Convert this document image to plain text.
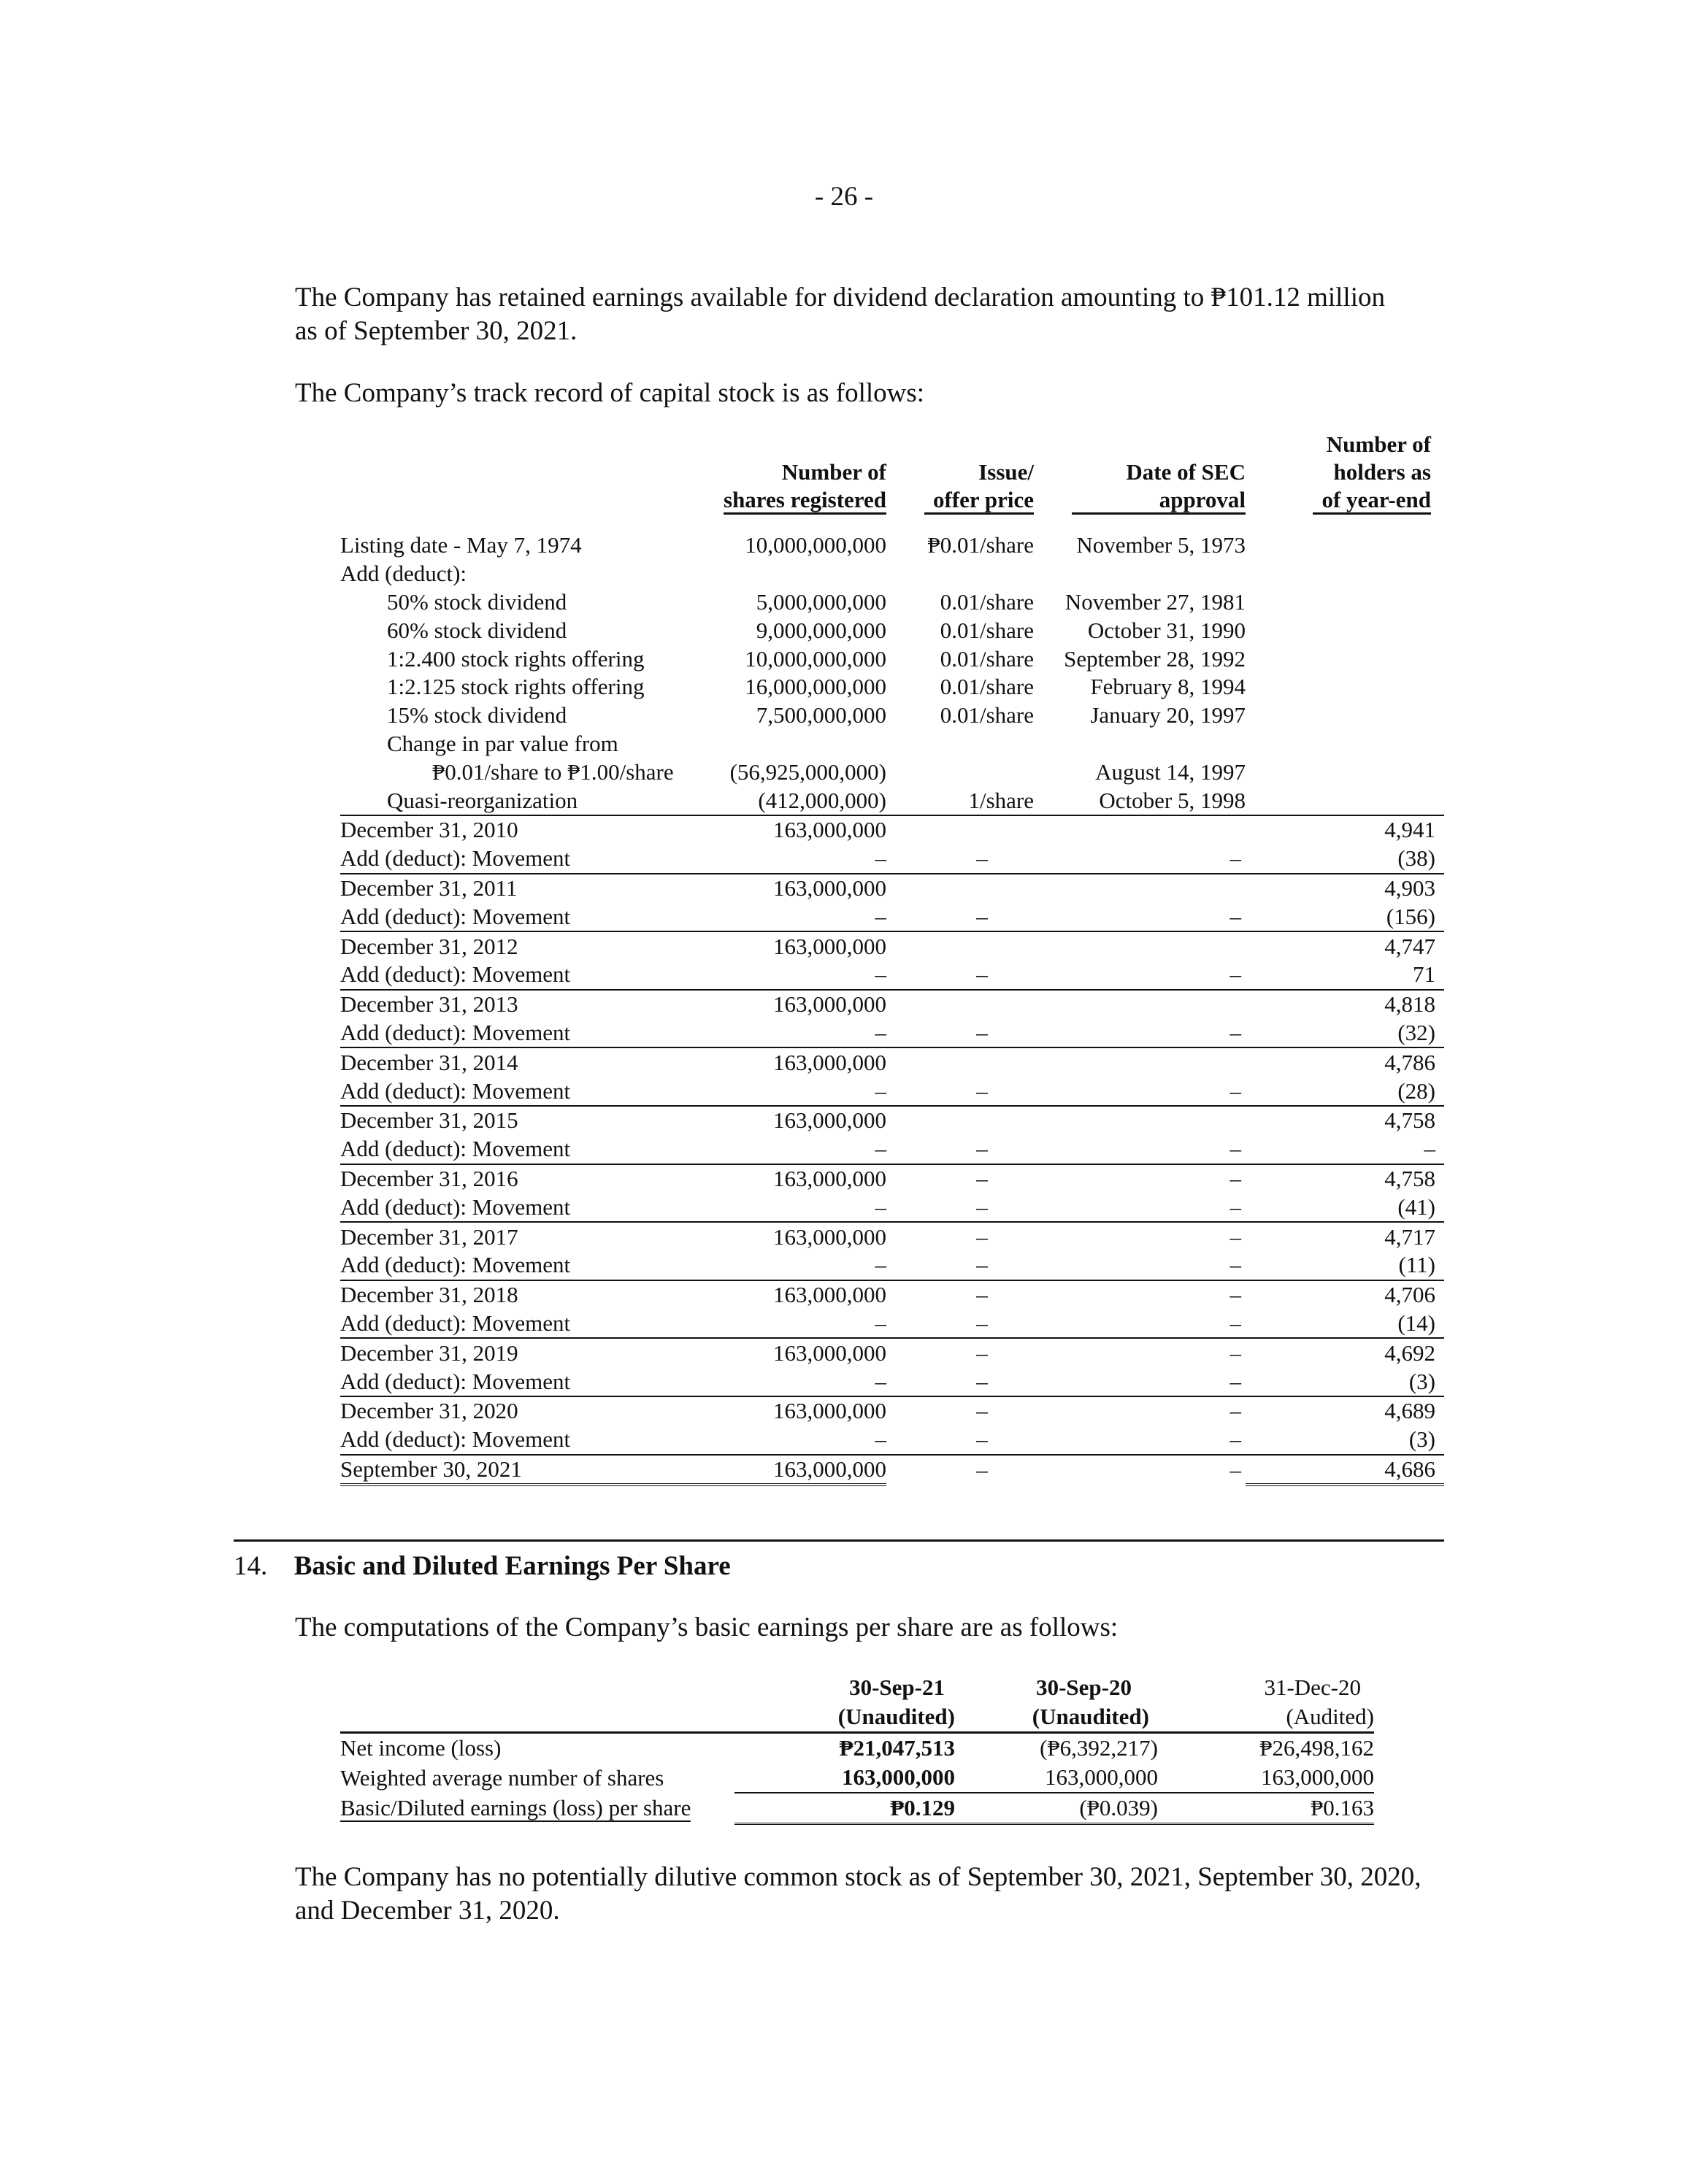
- 26 -
The Company has retained earnings available for dividend declaration amounting to ₱101.12 million
as of September 30, 2021.
The Company’s track record of capital stock is as follows:
				Number of
	Number of	Issue/	Date of SEC	holders as
	shares registered	offer price	approval	of year-end

Listing date - May 7, 1974	10,000,000,000	₱0.01/share	November 5, 1973	
Add (deduct):				
50% stock dividend	5,000,000,000	0.01/share	November 27, 1981	
60% stock dividend	9,000,000,000	0.01/share	October 31, 1990	
1:2.400 stock rights offering	10,000,000,000	0.01/share	September 28, 1992	
1:2.125 stock rights offering	16,000,000,000	0.01/share	February 8, 1994	
15% stock dividend	7,500,000,000	0.01/share	January 20, 1997	
Change in par value from				
₱0.01/share to ₱1.00/share	(56,925,000,000)		August 14, 1997	
Quasi-reorganization	(412,000,000)	1/share	October 5, 1998	
December 31, 2010	163,000,000			4,941
Add (deduct): Movement	–	–	–	(38)
December 31, 2011	163,000,000			4,903
Add (deduct): Movement	–	–	–	(156)
December 31, 2012	163,000,000			4,747
Add (deduct): Movement	–	–	–	71
December 31, 2013	163,000,000			4,818
Add (deduct): Movement	–	–	–	(32)
December 31, 2014	163,000,000			4,786
Add (deduct): Movement	–	–	–	(28)
December 31, 2015	163,000,000			4,758
Add (deduct): Movement	–	–	–	–
December 31, 2016	163,000,000	–	–	4,758
Add (deduct): Movement	–	–	–	(41)
December 31, 2017	163,000,000	–	–	4,717
Add (deduct): Movement	–	–	–	(11)
December 31, 2018	163,000,000	–	–	4,706
Add (deduct): Movement	–	–	–	(14)
December 31, 2019	163,000,000	–	–	4,692
Add (deduct): Movement	–	–	–	(3)
December 31, 2020	163,000,000	–	–	4,689
Add (deduct): Movement	–	–	–	(3)
September 30, 2021	163,000,000	–	–	4,686
14. Basic and Diluted Earnings Per Share
The computations of the Company’s basic earnings per share are as follows:
	30-Sep-21	30-Sep-20	31-Dec-20
	(Unaudited)	(Unaudited)	(Audited)
Net income (loss)	₱21,047,513	(₱6,392,217)	₱26,498,162
Weighted average number of shares	163,000,000	163,000,000	163,000,000
Basic/Diluted earnings (loss) per share	₱0.129	(₱0.039)	₱0.163
The Company has no potentially dilutive common stock as of September 30, 2021, September 30, 2020,
and December 31, 2020.
